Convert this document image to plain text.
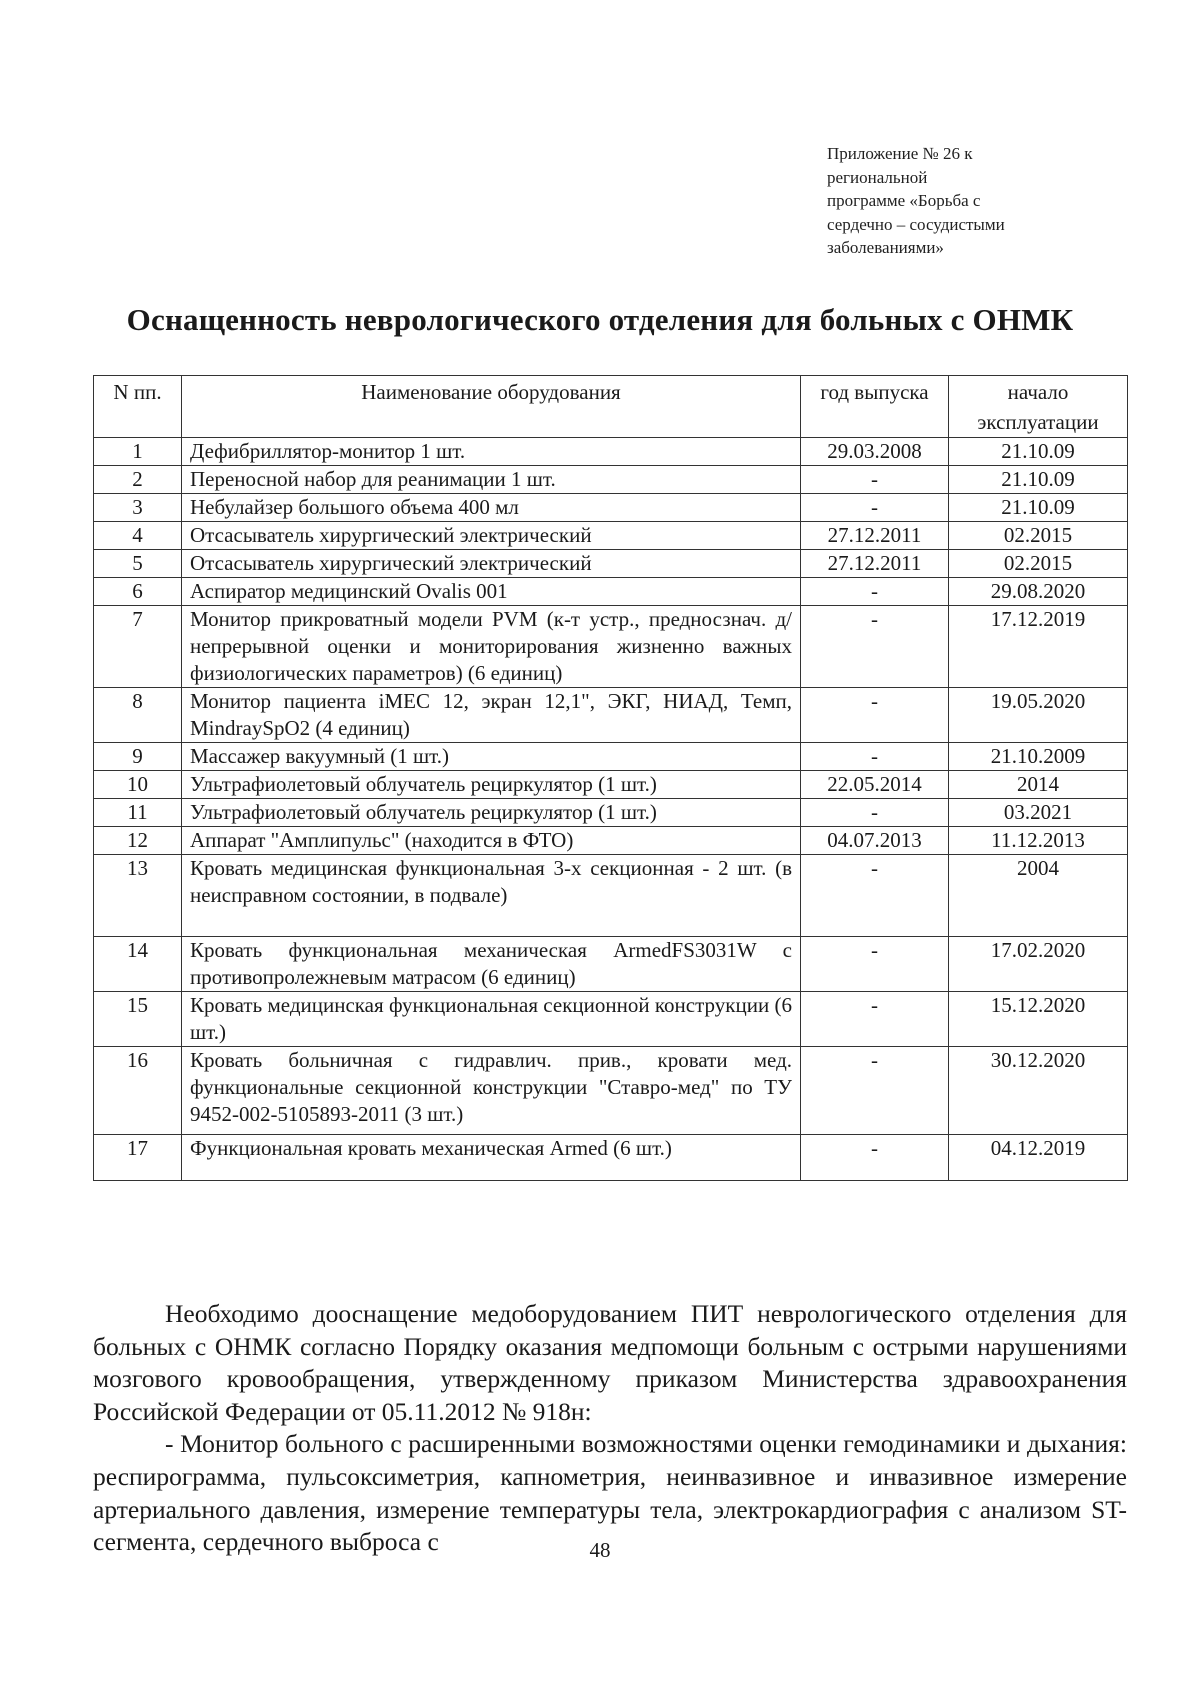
Приложение № 26 к
региональной
программе «Борьба с
сердечно – сосудистыми
заболеваниями»
Оснащенность неврологического отделения для больных с ОНМК
N пп.	Наименование оборудования	год выпуска	начало эксплуатации
1	Дефибриллятор-монитор 1 шт.	29.03.2008	21.10.09
2	Переносной набор для реанимации 1 шт.	-	21.10.09
3	Небулайзер большого объема 400 мл	-	21.10.09
4	Отсасыватель хирургический электрический	27.12.2011	02.2015
5	Отсасыватель хирургический электрический	27.12.2011	02.2015
6	Аспиратор медицинский Ovalis 001	-	29.08.2020
7	Монитор прикроватный модели PVM (к-т устр., предносзнач. д/непрерывной оценки и мониторирования жизненно важных физиологических параметров) (6 единиц)	-	17.12.2019
8	Монитор пациента iMEC 12, экран 12,1", ЭКГ, НИАД, Темп, MindraySpO2 (4 единиц)	-	19.05.2020
9	Массажер вакуумный (1 шт.)	-	21.10.2009
10	Ультрафиолетовый облучатель рециркулятор (1 шт.)	22.05.2014	2014
11	Ультрафиолетовый облучатель рециркулятор (1 шт.)	-	03.2021
12	Аппарат "Амплипульс" (находится в ФТО)	04.07.2013	11.12.2013
13	Кровать медицинская функциональная 3-х секционная - 2 шт. (в неисправном состоянии, в подвале)	-	2004
14	Кровать функциональная механическая ArmedFS3031W с противопролежневым матрасом (6 единиц)	-	17.02.2020
15	Кровать медицинская функциональная секционной конструкции (6 шт.)	-	15.12.2020
16	Кровать больничная с гидравлич. прив., кровати мед. функциональные секционной конструкции "Ставро-мед" по ТУ 9452-002-5105893-2011 (3 шт.)	-	30.12.2020
17	Функциональная кровать механическая Armed (6 шт.)	-	04.12.2019

Необходимо дооснащение медоборудованием ПИТ неврологического отделения для больных с ОНМК согласно Порядку оказания медпомощи больным с острыми нарушениями мозгового кровообращения, утвержденному приказом Министерства здравоохранения Российской Федерации от 05.11.2012 № 918н:

- Монитор больного с расширенными возможностями оценки гемодинамики и дыхания: респирограмма, пульсоксиметрия, капнометрия, неинвазивное и инвазивное измерение артериального давления, измерение температуры тела, электрокардиография с анализом ST-сегмента, сердечного выброса с	48
